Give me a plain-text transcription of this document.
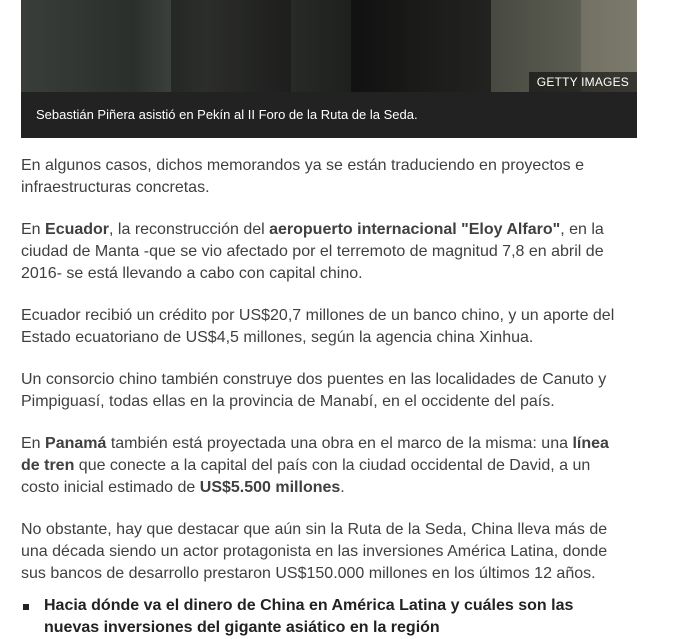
GETTY IMAGES
Sebastián Piñera asistió en Pekín al II Foro de la Ruta de la Seda.

En algunos casos, dichos memorandos ya se están traduciendo en proyectos e infraestructuras concretas.

En Ecuador, la reconstrucción del aeropuerto internacional "Eloy Alfaro", en la ciudad de Manta -que se vio afectado por el terremoto de magnitud 7,8 en abril de 2016- se está llevando a cabo con capital chino.

Ecuador recibió un crédito por US$20,7 millones de un banco chino, y un aporte del Estado ecuatoriano de US$4,5 millones, según la agencia china Xinhua.

Un consorcio chino también construye dos puentes en las localidades de Canuto y Pimpiguasí, todas ellas en la provincia de Manabí, en el occidente del país.

En Panamá también está proyectada una obra en el marco de la misma: una línea de tren que conecte a la capital del país con la ciudad occidental de David, a un costo inicial estimado de US$5.500 millones.

No obstante, hay que destacar que aún sin la Ruta de la Seda, China lleva más de una década siendo un actor protagonista en las inversiones América Latina, donde sus bancos de desarrollo prestaron US$150.000 millones en los últimos 12 años.

Hacia dónde va el dinero de China en América Latina y cuáles son las nuevas inversiones del gigante asiático en la región
